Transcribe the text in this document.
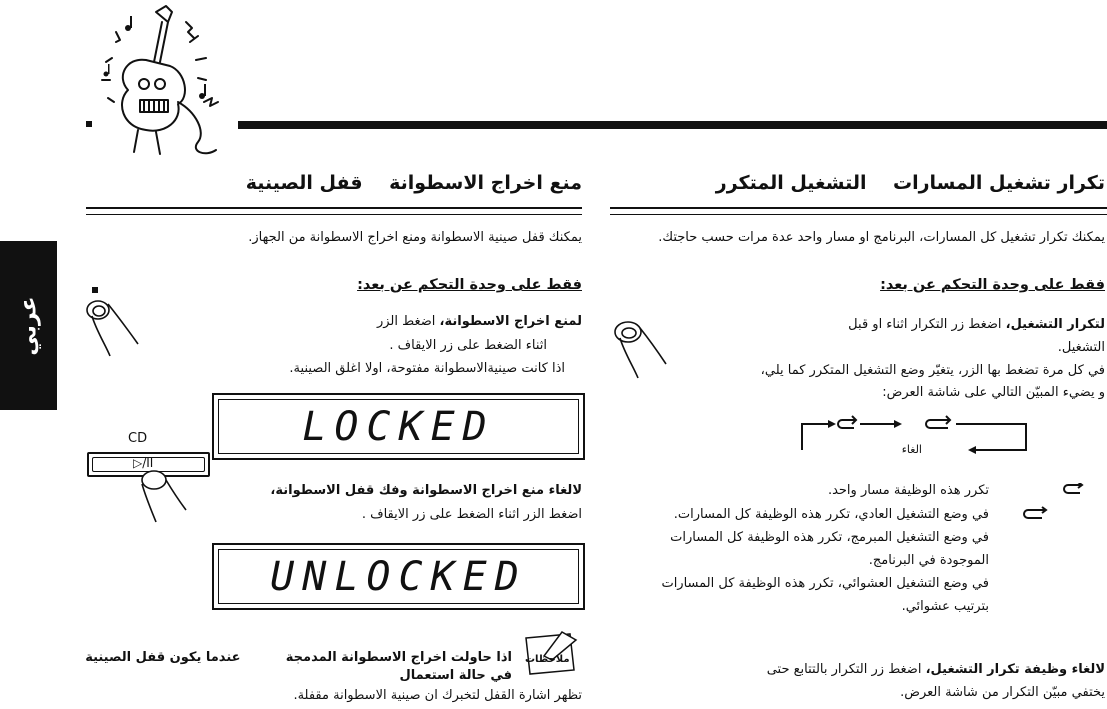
عربي
منع اخراج الاسطوانة    قفل الصينية
يمكنك قفل صينية الاسطوانة ومنع اخراج الاسطوانة من الجهاز.
فقط على وحدة التحكم عن بعد:
لمنع اخراج الاسطوانة، اضغط الزر
اثناء الضغط على زر الايقاف .
اذا كانت صينيةالاسطوانة مفتوحة، اولا اغلق الصينية.
LOCKED
CD
▷/II
لالغاء منع اخراج الاسطوانة وفك قفل الاسطوانة،
اضغط الزر اثناء الضغط على زر الايقاف .
UNLOCKED
ملاحظات
اذا حاولت اخراج الاسطوانة المدمجة          عندما يكون قفل الصينية
في حالة استعمال
تظهر اشارة القفل لتخبرك ان صينية الاسطوانة مقفلة.
تكرار تشغيل المسارات    التشغيل المتكرر
يمكنك تكرار تشغيل كل المسارات، البرنامج او مسار واحد عدة مرات حسب حاجتك.
فقط على وحدة التحكم عن بعد:
لتكرار التشغيل، اضغط زر التكرار اثناء او قبل
التشغيل.
في كل مرة تضغط بها الزر، يتغيّر وضع التشغيل المتكرر كما يلي،
و يضيء المبيّن التالي على شاشة العرض:
الغاء
تكرر هذه الوظيفة مسار واحد.
في وضع التشغيل العادي، تكرر هذه الوظيفة كل المسارات.
في وضع التشغيل المبرمج، تكرر هذه الوظيفة كل المسارات
الموجودة في البرنامج.
في وضع التشغيل العشوائي، تكرر هذه الوظيفة كل المسارات
بترتيب عشوائي.
لالغاء وظيفة تكرار التشغيل، اضغط زر التكرار بالتتابع حتى
يختفي مبيّن التكرار من شاشة العرض.
